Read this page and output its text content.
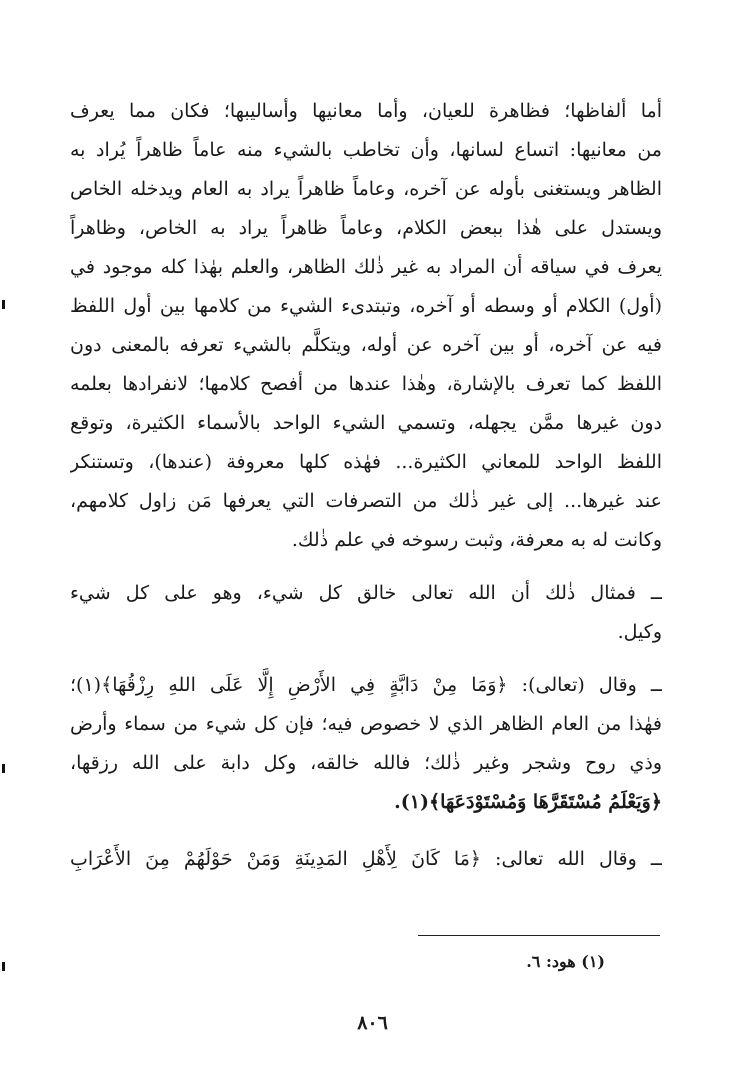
أما ألفاظها؛ فظاهرة للعيان، وأما معانيها وأساليبها؛ فكان مما يعرف
من معانيها: اتساع لسانها، وأن تخاطب بالشيء منه عاماً ظاهراً يُراد به
الظاهر ويستغنى بأوله عن آخره، وعاماً ظاهراً يراد به العام ويدخله الخاص
ويستدل على هٰذا ببعض الكلام، وعاماً ظاهراً يراد به الخاص، وظاهراً
يعرف في سياقه أن المراد به غير ذٰلك الظاهر، والعلم بهٰذا كله موجود في
(أول) الكلام أو وسطه أو آخره، وتبتدىء الشيء من كلامها بين أول اللفظ
فيه عن آخره، أو بين آخره عن أوله، ويتكلَّم بالشيء تعرفه بالمعنى دون
اللفظ كما تعرف بالإشارة، وهٰذا عندها من أفصح كلامها؛ لانفرادها بعلمه
دون غيرها ممَّن يجهله، وتسمي الشيء الواحد بالأسماء الكثيرة، وتوقع
اللفظ الواحد للمعاني الكثيرة... فهٰذه كلها معروفة (عندها)، وتستنكر
عند غيرها... إلى غير ذٰلك من التصرفات التي يعرفها مَن زاول كلامهم،
وكانت له به معرفة، وثبت رسوخه في علم ذٰلك.
ــ فمثال ذٰلك أن الله تعالى خالق كل شيء، وهو على كل شيء
وكيل.
ــ وقال (تعالى): ﴿وَمَا مِنْ دَابَّةٍ فِي الأَرْضِ إِلَّا عَلَى اللهِ رِزْقُهَا﴾(١)؛
فهٰذا من العام الظاهر الذي لا خصوص فيه؛ فإن كل شيء من سماء وأرض
وذي روح وشجر وغير ذٰلك؛ فالله خالقه، وكل دابة على الله رزقها،
﴿وَيَعْلَمُ مُسْتَقَرَّهَا وَمُسْتَوْدَعَهَا﴾(١).
ــ وقال الله تعالى: ﴿مَا كَانَ لِأَهْلِ المَدِينَةِ وَمَنْ حَوْلَهُمْ مِنَ الأَعْرَابِ
(١) هود: ٦.
٨٠٦
